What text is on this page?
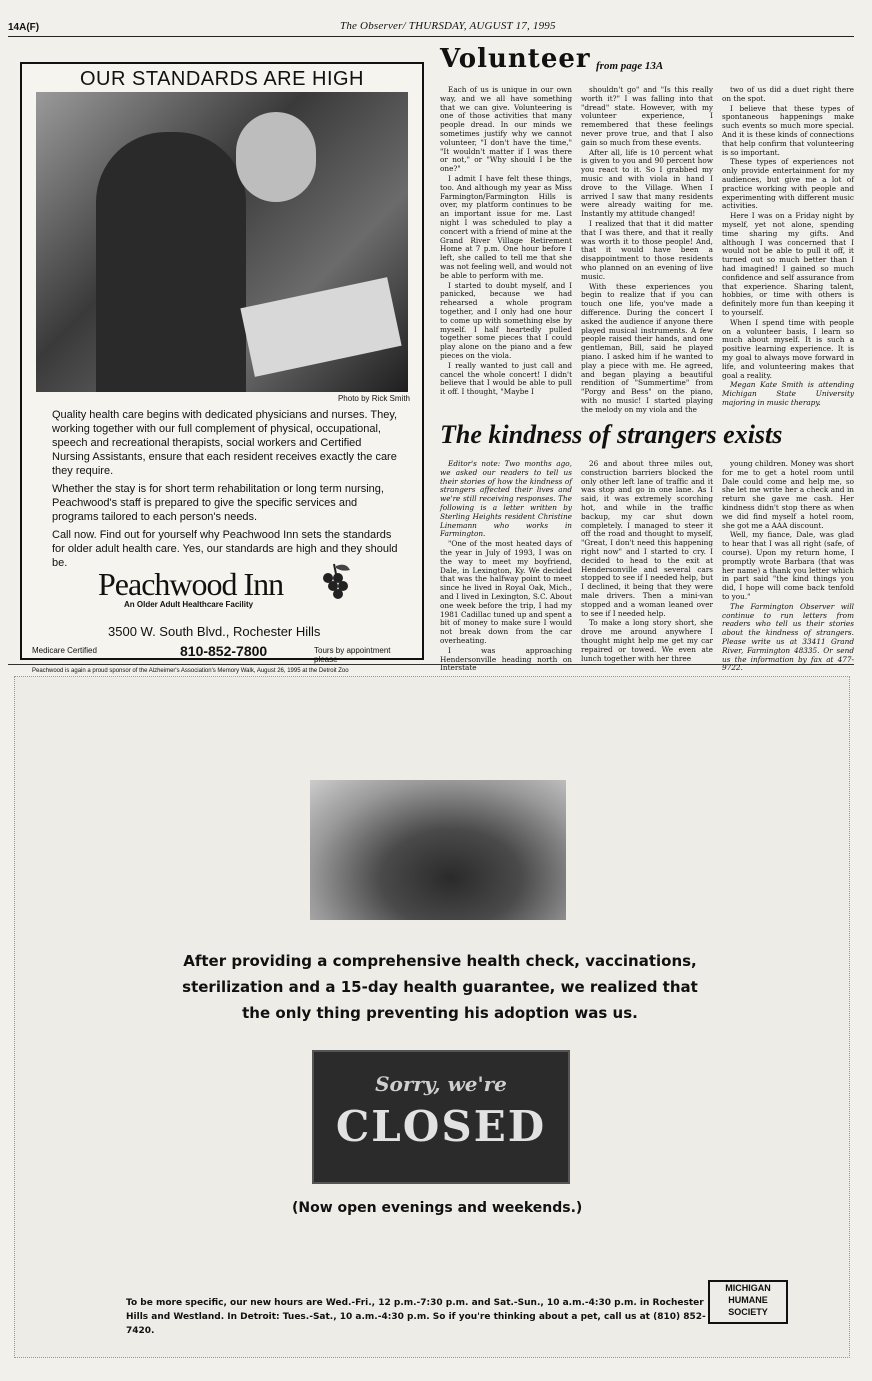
14A(F)	The Observer/ THURSDAY, AUGUST 17, 1995
OUR STANDARDS ARE HIGH
Photo by Rick Smith
Quality health care begins with dedicated physicians and nurses. They, working together with our full complement of physical, occupational, speech and recreational therapists, social workers and Certified Nursing Assistants, ensure that each resident receives exactly the care they require.
Whether the stay is for short term rehabilitation or long term nursing, Peachwood's staff is prepared to give the specific services and programs tailored to each person's needs.
Call now. Find out for yourself why Peachwood Inn sets the standards for older adult health care. Yes, our standards are high and they should be.
Peachwood Inn
An Older Adult Healthcare Facility
3500 W. South Blvd., Rochester Hills
Medicare Certified	810-852-7800	Tours by appointment please
Peachwood is again a proud sponsor of the Alzheimer's Association's Memory Walk, August 26, 1995 at the Detroit Zoo
Volunteer from page 13A

Each of us is unique in our own way, and we all have something that we can give. Volunteering is one of those activities that many people dread. In our minds we sometimes justify why we cannot volunteer, "I don't have the time," "It wouldn't matter if I was there or not," or "Why should I be the one?"

I admit I have felt these things, too. And although my year as Miss Farmington/Farmington Hills is over, my platform continues to be an important issue for me. Last night I was scheduled to play a concert with a friend of mine at the Grand River Village Retirement Home at 7 p.m. One hour before I left, she called to tell me that she was not feeling well, and would not be able to perform with me.

I started to doubt myself, and I panicked, because we had rehearsed a whole program together, and I only had one hour to come up with something else by myself. I half heartedly pulled together some pieces that I could play alone on the piano and a few pieces on the viola.

I really wanted to just call and cancel the whole concert! I didn't believe that I would be able to pull it off. I thought, "Maybe I

shouldn't go" and "Is this really worth it?" I was falling into that "dread" state. However, with my volunteer experience, I remembered that these feelings never prove true, and that I also gain so much from these events.

After all, life is 10 percent what is given to you and 90 percent how you react to it. So I grabbed my music and with viola in hand I drove to the Village. When I arrived I saw that many residents were already waiting for me. Instantly my attitude changed!

I realized that that it did matter that I was there, and that it really was worth it to those people! And, that it would have been a disappointment to those residents who planned on an evening of live music.

With these experiences you begin to realize that if you can touch one life, you've made a difference. During the concert I asked the audience if anyone there played musical instruments. A few people raised their hands, and one gentleman, Bill, said he played piano. I asked him if he wanted to play a piece with me. He agreed, and began playing a beautiful rendition of "Summertime" from "Porgy and Bess" on the piano, with no music! I started playing the melody on my viola and the

two of us did a duet right there on the spot.

I believe that these types of spontaneous happenings make such events so much more special. And it is these kinds of connections that help confirm that volunteering is so important.

These types of experiences not only provide entertainment for my audiences, but give me a lot of practice working with people and experimenting with different music activities.

Here I was on a Friday night by myself, yet not alone, spending time sharing my gifts. And although I was concerned that I would not be able to pull it off, it turned out so much better than I had imagined! I gained so much confidence and self assurance from that experience. Sharing talent, hobbies, or time with others is definitely more fun than keeping it to yourself.

When I spend time with people on a volunteer basis, I learn so much about myself. It is such a positive learning experience. It is my goal to always move forward in life, and volunteering makes that goal a reality.

Megan Kate Smith is attending Michigan State University majoring in music therapy.

The kindness of strangers exists

Editor's note: Two months ago, we asked our readers to tell us their stories of how the kindness of strangers affected their lives and we're still receiving responses. The following is a letter written by Sterling Heights resident Christine Linemann who works in Farmington.

"One of the most heated days of the year in July of 1993, I was on the way to meet my boyfriend, Dale, in Lexington, Ky. We decided that was the halfway point to meet since he lived in Royal Oak, Mich., and I lived in Lexington, S.C. About one week before the trip, I had my 1981 Cadillac tuned up and spent a bit of money to make sure I would not break down from the car overheating.

I was approaching Hendersonville heading north on Interstate

26 and about three miles out, construction barriers blocked the only other left lane of traffic and it was stop and go in one lane. As I said, it was extremely scorching hot, and while in the traffic backup, my car shut down completely. I managed to steer it off the road and thought to myself, "Great, I don't need this happening right now" and I started to cry. I decided to head to the exit at Hendersonville and several cars stopped to see if I needed help, but I declined, it being that they were male drivers. Then a mini-van stopped and a woman leaned over to see if I needed help.

To make a long story short, she drove me around anywhere I thought might help me get my car repaired or towed. We even ate lunch together with her three

young children. Money was short for me to get a hotel room until Dale could come and help me, so she let me write her a check and in return she gave me cash. Her kindness didn't stop there as when we did find myself a hotel room, she got me a AAA discount.

Well, my fiance, Dale, was glad to hear that I was all right (safe, of course). Upon my return home, I promptly wrote Barbara (that was her name) a thank you letter which in part said "the kind things you did, I hope will come back tenfold to you."

The Farmington Observer will continue to run letters from readers who tell us their stories about the kindness of strangers. Please write us at 33411 Grand River, Farmington 48335. Or send us the information by fax at 477-9722.

After providing a comprehensive health check, vaccinations, sterilization and a 15-day health guarantee, we realized that the only thing preventing his adoption was us.
Sorry, we're
CLOSED
(Now open evenings and weekends.)
To be more specific, our new hours are Wed.-Fri., 12 p.m.-7:30 p.m. and Sat.-Sun., 10 a.m.-4:30 p.m. in Rochester Hills and Westland. In Detroit: Tues.-Sat., 10 a.m.-4:30 p.m. So if you're thinking about a pet, call us at (810) 852-7420.
MICHIGAN HUMANE SOCIETY
